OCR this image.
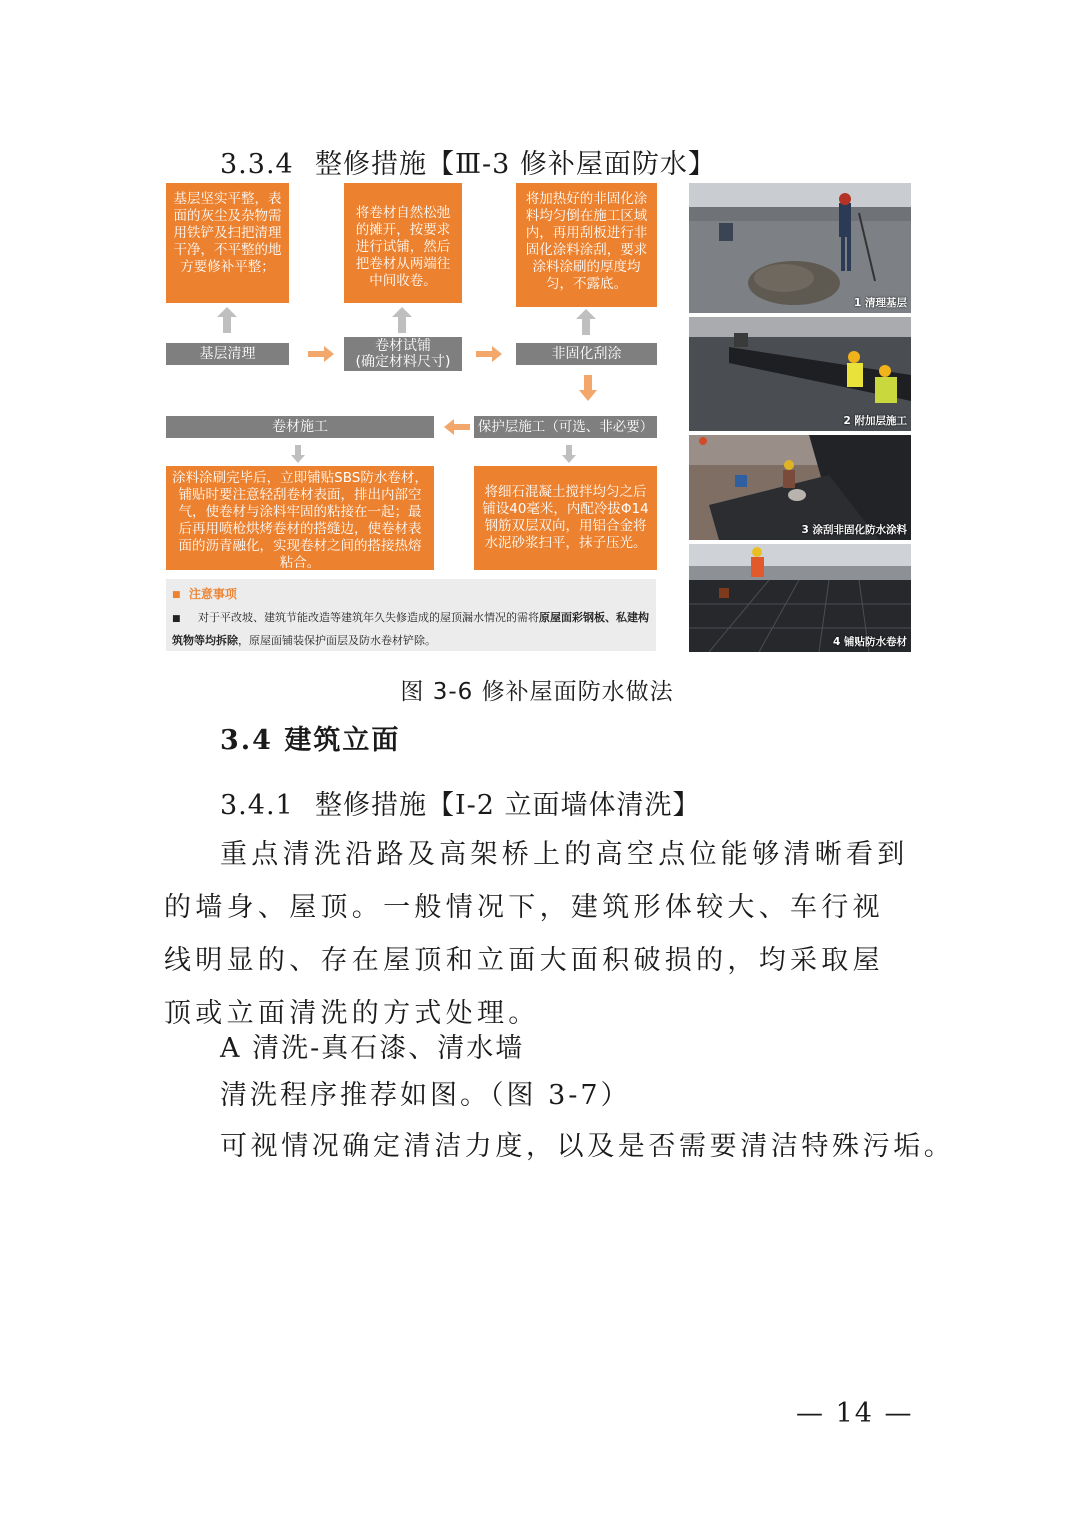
3.3.4 整修措施【Ⅲ-3 修补屋面防水】
基层坚实平整，表面的灰尘及杂物需用铁铲及扫把清理干净，不平整的地方要修补平整；
将卷材自然松弛的摊开，按要求进行试铺，然后把卷材从两端往中间收卷。
将加热好的非固化涂料均匀倒在施工区域内，再用刮板进行非固化涂料涂刮，要求涂料涂刷的厚度均匀，不露底。
基层清理	卷材试铺
(确定材料尺寸)	非固化刮涂
卷材施工	保护层施工（可选、非必要）
涂料涂刷完毕后，立即铺贴SBS防水卷材，铺贴时要注意轻刮卷材表面，排出内部空气，使卷材与涂料牢固的粘接在一起；最后再用喷枪烘烤卷材的搭缝边，使卷材表面的沥青融化，实现卷材之间的搭接热熔粘合。
将细石混凝土搅拌均匀之后铺设40毫米，内配冷拔Φ14钢筋双层双向，用铝合金将水泥砂浆扫平，抹子压光。
■ 注意事项
■ 对于平改坡、建筑节能改造等建筑年久失修造成的屋顶漏水情况的需将原屋面彩钢板、私建构筑物等均拆除，原屋面铺装保护面层及防水卷材铲除。
1 清理基层
2 附加层施工
3 涂刮非固化防水涂料
4 铺贴防水卷材
图 3-6 修补屋面防水做法
3.4 建筑立面
3.4.1 整修措施【Ⅰ-2 立面墙体清洗】
重点清洗沿路及高架桥上的高空点位能够清晰看到的墙身、屋顶。一般情况下，建筑形体较大、车行视线明显的、存在屋顶和立面大面积破损的，均采取屋顶或立面清洗的方式处理。
A 清洗-真石漆、清水墙
清洗程序推荐如图。（图 3-7）
可视情况确定清洁力度，以及是否需要清洁特殊污垢。
— 14 —
